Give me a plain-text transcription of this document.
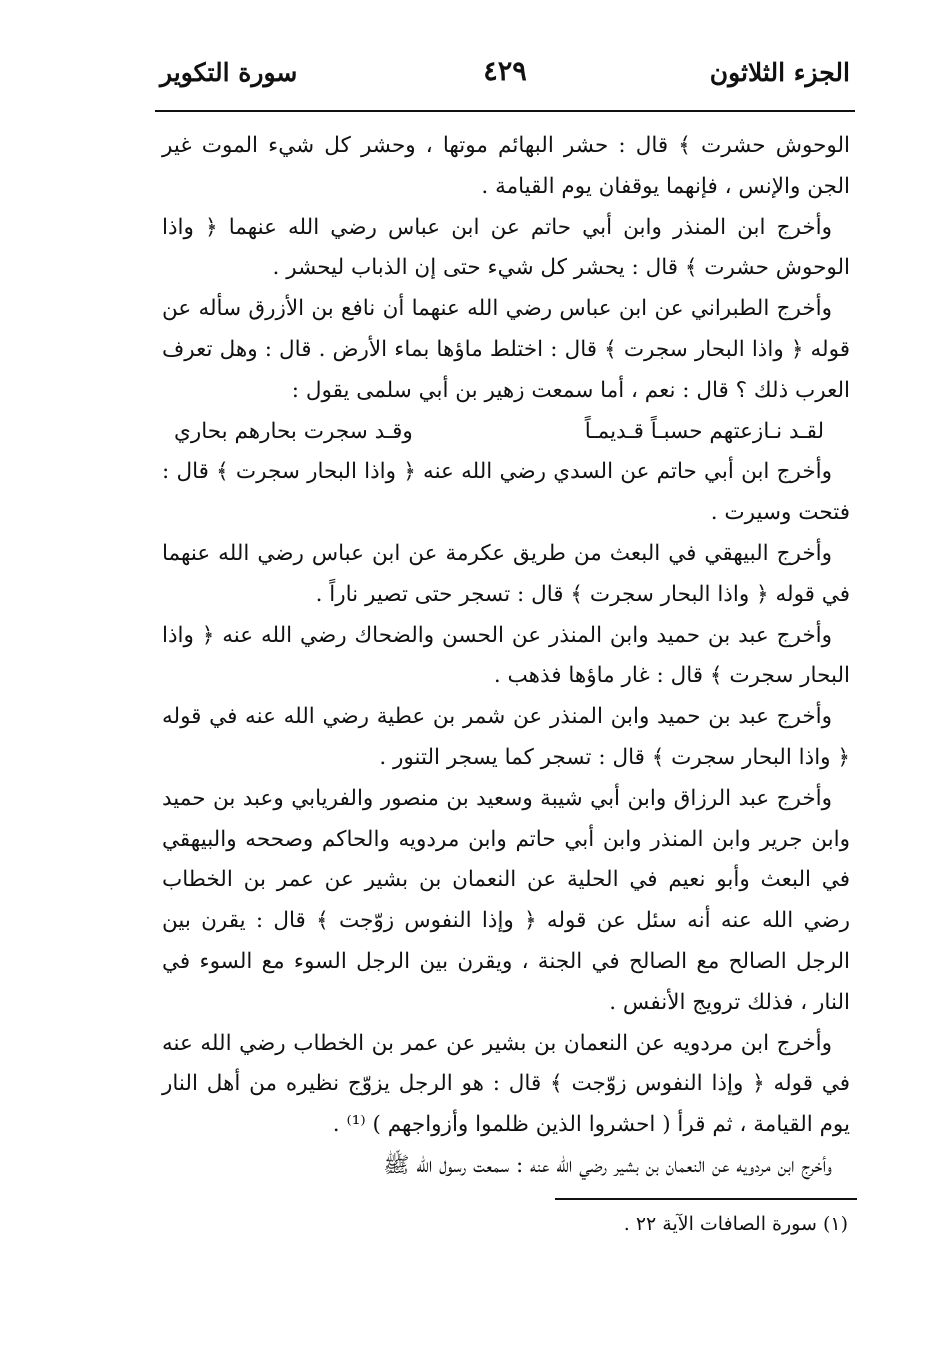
الجزء الثلاثون
٤٢٩
سورة التكوير

الوحوش حشرت ﴾ قال : حشر البهائم موتها ، وحشر كل شيء الموت غير الجن والإنس ، فإنهما يوقفان يوم القيامة .

وأخرج ابن المنذر وابن أبي حاتم عن ابن عباس رضي الله عنهما ﴿ واذا الوحوش حشرت ﴾ قال : يحشر كل شيء حتى إن الذباب ليحشر .

وأخرج الطبراني عن ابن عباس رضي الله عنهما أن نافع بن الأزرق سأله عن قوله ﴿ واذا البحار سجرت ﴾ قال : اختلط ماؤها بماء الأرض . قال : وهل تعرف العرب ذلك ؟ قال : نعم ، أما سمعت زهير بن أبي سلمى يقول :

لقـد نـازعتهم حسبـاً قـديمـاً
وقـد سجرت بحارهم بحاري

وأخرج ابن أبي حاتم عن السدي رضي الله عنه ﴿ واذا البحار سجرت ﴾ قال : فتحت وسيرت .

وأخرج البيهقي في البعث من طريق عكرمة عن ابن عباس رضي الله عنهما في قوله ﴿ واذا البحار سجرت ﴾ قال : تسجر حتى تصير ناراً .

وأخرج عبد بن حميد وابن المنذر عن الحسن والضحاك رضي الله عنه ﴿ واذا البحار سجرت ﴾ قال : غار ماؤها فذهب .

وأخرج عبد بن حميد وابن المنذر عن شمر بن عطية رضي الله عنه في قوله ﴿ واذا البحار سجرت ﴾ قال : تسجر كما يسجر التنور .

وأخرج عبد الرزاق وابن أبي شيبة وسعيد بن منصور والفريابي وعبد بن حميد وابن جرير وابن المنذر وابن أبي حاتم وابن مردويه والحاكم وصححه والبيهقي في البعث وأبو نعيم في الحلية عن النعمان بن بشير عن عمر بن الخطاب رضي الله عنه أنه سئل عن قوله ﴿ وإذا النفوس زوّجت ﴾ قال : يقرن بين الرجل الصالح مع الصالح في الجنة ، ويقرن بين الرجل السوء مع السوء في النار ، فذلك ترويج الأنفس .

وأخرج ابن مردويه عن النعمان بن بشير عن عمر بن الخطاب رضي الله عنه في قوله ﴿ وإذا النفوس زوّجت ﴾ قال : هو الرجل يزوّج نظيره من أهل النار يوم القيامة ، ثم قرأ ( احشروا الذين ظلموا وأزواجهم ) ⁽¹⁾ .

وأخرج ابن مردويه عن النعمان بن بشير رضي الله عنه : سمعت رسول الله ﷺ

(١) سورة الصافات الآية ٢٢ .
